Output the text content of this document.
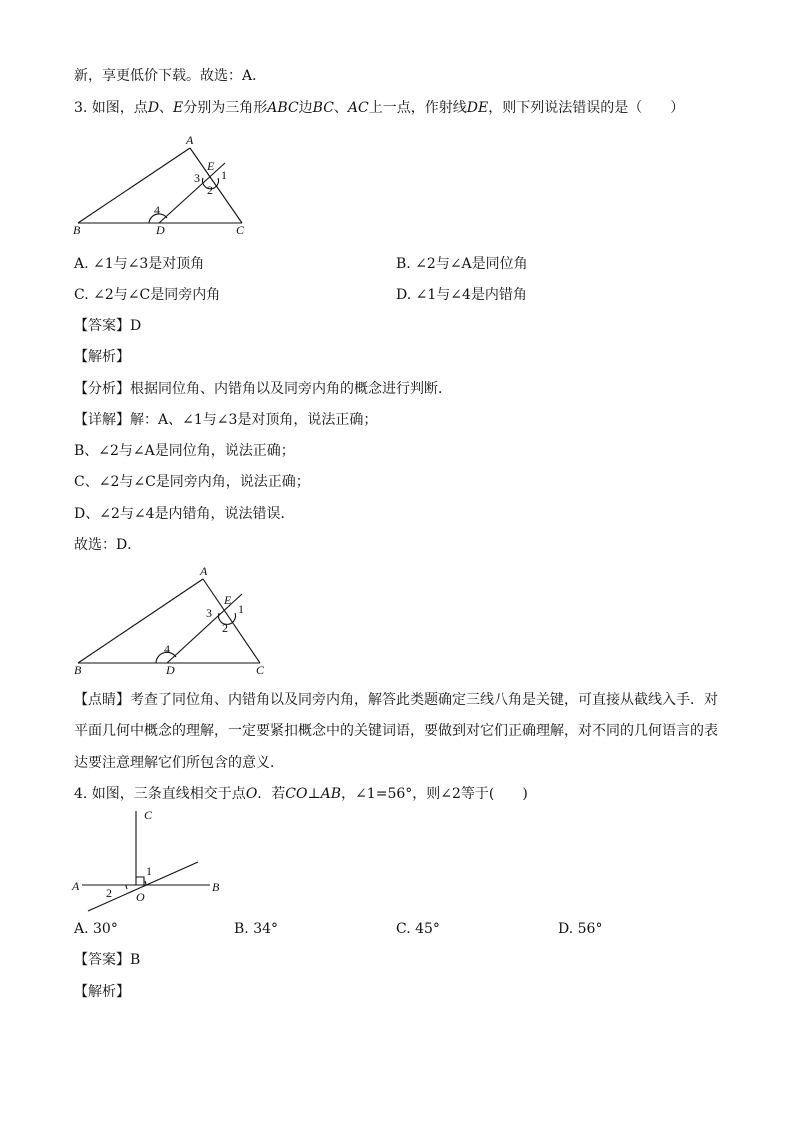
新，享更低价下载。故选：A．
3. 如图，点D、E分别为三角形ABC边BC、AC上一点，作射线DE，则下列说法错误的是（　　）
A
B	C
D
E
1
2
3
4
A. ∠1与∠3是对顶角	B. ∠2与∠A是同位角
C. ∠2与∠C是同旁内角	D. ∠1与∠4是内错角
【答案】D
【解析】
【分析】根据同位角、内错角以及同旁内角的概念进行判断．
【详解】解：A、∠1与∠3是对顶角，说法正确；
B、∠2与∠A是同位角，说法正确；
C、∠2与∠C是同旁内角，说法正确；
D、∠2与∠4是内错角，说法错误．
故选：D．
A
B	C
D
E
1
2
3
4
【点睛】考查了同位角、内错角以及同旁内角，解答此类题确定三线八角是关键，可直接从截线入手．对
平面几何中概念的理解，一定要紧扣概念中的关键词语，要做到对它们正确理解，对不同的几何语言的表
达要注意理解它们所包含的意义．
4. 如图，三条直线相交于点O．若CO⊥AB，∠1=56°，则∠2等于(　　)
C
A	B
O
1
2
A. 30°	B. 34°	C. 45°	D. 56°
【答案】B
【解析】
